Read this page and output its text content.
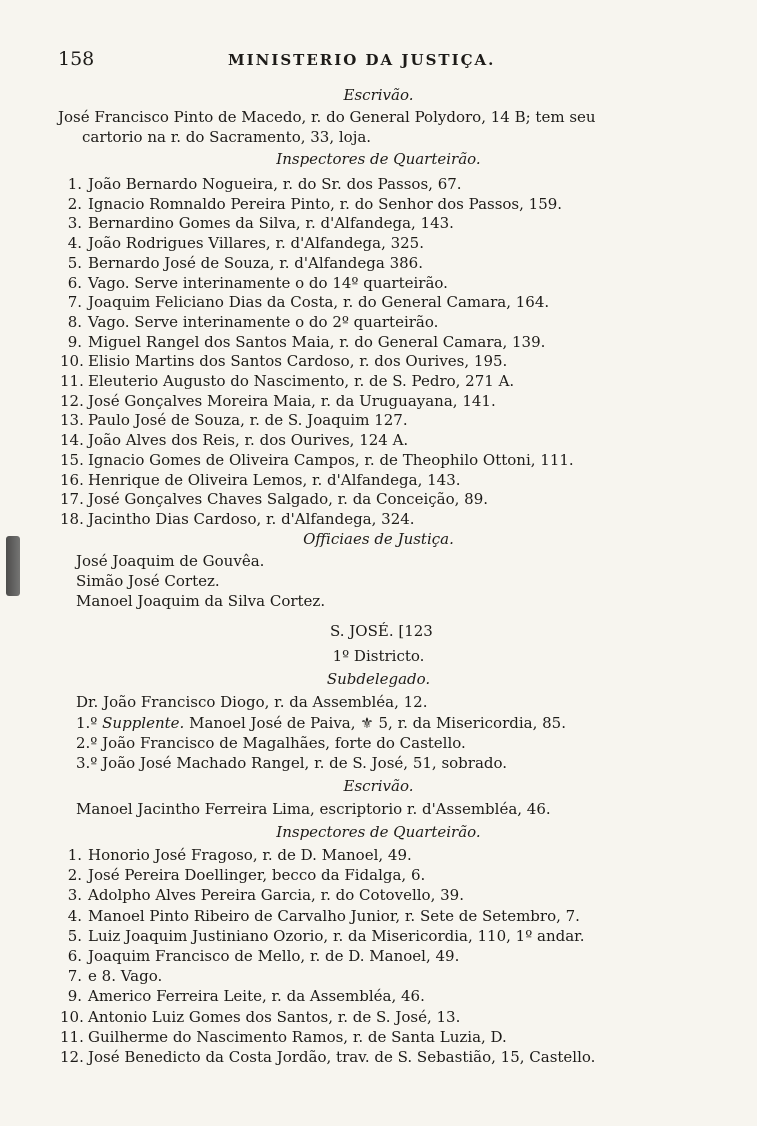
158	MINISTERIO DA JUSTIÇA.
Escrivão.
José Francisco Pinto de Macedo, r. do General Polydoro, 14 B; tem seu
cartorio na r. do Sacramento, 33, loja.
Inspectores de Quarteirão.
1. João Bernardo Nogueira, r. do Sr. dos Passos, 67.
2. Ignacio Romnaldo Pereira Pinto, r. do Senhor dos Passos, 159.
3. Bernardino Gomes da Silva, r. d'Alfandega, 143.
4. João Rodrigues Villares, r. d'Alfandega, 325.
5. Bernardo José de Souza, r. d'Alfandega 386.
6. Vago. Serve interinamente o do 14º quarteirão.
7. Joaquim Feliciano Dias da Costa, r. do General Camara, 164.
8. Vago. Serve interinamente o do 2º quarteirão.
9. Miguel Rangel dos Santos Maia, r. do General Camara, 139.
10. Elisio Martins dos Santos Cardoso, r. dos Ourives, 195.
11. Eleuterio Augusto do Nascimento, r. de S. Pedro, 271 A.
12. José Gonçalves Moreira Maia, r. da Uruguayana, 141.
13. Paulo José de Souza, r. de S. Joaquim 127.
14. João Alves dos Reis, r. dos Ourives, 124 A.
15. Ignacio Gomes de Oliveira Campos, r. de Theophilo Ottoni, 111.
16. Henrique de Oliveira Lemos, r. d'Alfandega, 143.
17. José Gonçalves Chaves Salgado, r. da Conceição, 89.
18. Jacintho Dias Cardoso, r. d'Alfandega, 324.
Officiaes de Justiça.
José Joaquim de Gouvêa.
Simão José Cortez.
Manoel Joaquim da Silva Cortez.
S. JOSÉ. [123
1º Districto.
Subdelegado.
Dr. João Francisco Diogo, r. da Assembléa, 12.
1.º Supplente. Manoel José de Paiva, ⚜ 5, r. da Misericordia, 85.
2.º João Francisco de Magalhães, forte do Castello.
3.º João José Machado Rangel, r. de S. José, 51, sobrado.
Escrivão.
Manoel Jacintho Ferreira Lima, escriptorio r. d'Assembléa, 46.
Inspectores de Quarteirão.
1. Honorio José Fragoso, r. de D. Manoel, 49.
2. José Pereira Doellinger, becco da Fidalga, 6.
3. Adolpho Alves Pereira Garcia, r. do Cotovello, 39.
4. Manoel Pinto Ribeiro de Carvalho Junior, r. Sete de Setembro, 7.
5. Luiz Joaquim Justiniano Ozorio, r. da Misericordia, 110, 1º andar.
6. Joaquim Francisco de Mello, r. de D. Manoel, 49.
7. e 8. Vago.
9. Americo Ferreira Leite, r. da Assembléa, 46.
10. Antonio Luiz Gomes dos Santos, r. de S. José, 13.
11. Guilherme do Nascimento Ramos, r. de Santa Luzia, D.
12. José Benedicto da Costa Jordão, trav. de S. Sebastião, 15, Castello.
